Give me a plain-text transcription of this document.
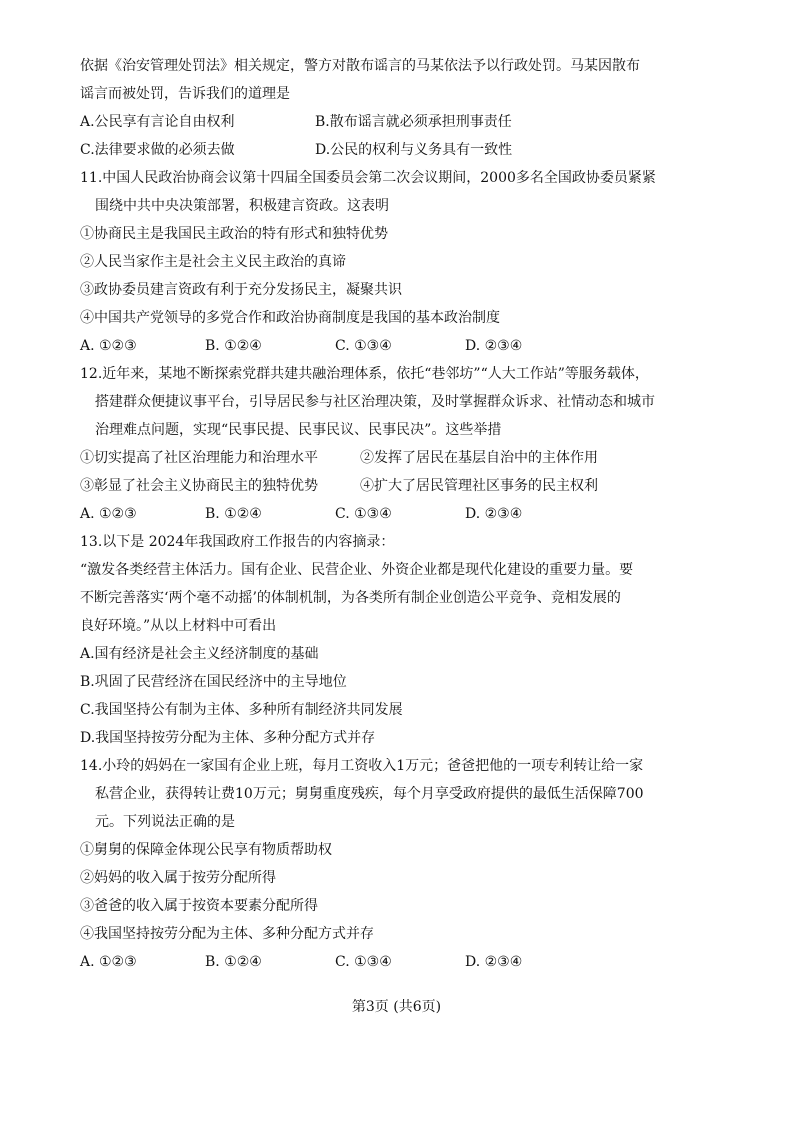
依据《治安管理处罚法》相关规定，警方对散布谣言的马某依法予以行政处罚。马某因散布
谣言而被处罚，告诉我们的道理是
A.公民享有言论自由权利	B.散布谣言就必须承担刑事责任
C.法律要求做的必须去做	D.公民的权利与义务具有一致性
11.中国人民政治协商会议第十四届全国委员会第二次会议期间，2000多名全国政协委员紧紧
围绕中共中央决策部署，积极建言资政。这表明
①协商民主是我国民主政治的特有形式和独特优势
②人民当家作主是社会主义民主政治的真谛
③政协委员建言资政有利于充分发扬民主，凝聚共识
④中国共产党领导的多党合作和政治协商制度是我国的基本政治制度
A. ①②③	B. ①②④	C. ①③④	D. ②③④
12.近年来，某地不断探索党群共建共融治理体系，依托“巷邻坊”“人大工作站”等服务载体，
搭建群众便捷议事平台，引导居民参与社区治理决策，及时掌握群众诉求、社情动态和城市
治理难点问题，实现“民事民提、民事民议、民事民决”。这些举措
①切实提高了社区治理能力和治理水平	②发挥了居民在基层自治中的主体作用
③彰显了社会主义协商民主的独特优势	④扩大了居民管理社区事务的民主权利
A. ①②③	B. ①②④	C. ①③④	D. ②③④
13.以下是 2024年我国政府工作报告的内容摘录：
“激发各类经营主体活力。国有企业、民营企业、外资企业都是现代化建设的重要力量。要
不断完善落实‘两个毫不动摇’的体制机制，为各类所有制企业创造公平竞争、竞相发展的
良好环境。”从以上材料中可看出
A.国有经济是社会主义经济制度的基础
B.巩固了民营经济在国民经济中的主导地位
C.我国坚持公有制为主体、多种所有制经济共同发展
D.我国坚持按劳分配为主体、多种分配方式并存
14.小玲的妈妈在一家国有企业上班，每月工资收入1万元；爸爸把他的一项专利转让给一家
私营企业，获得转让费10万元；舅舅重度残疾，每个月享受政府提供的最低生活保障700
元。下列说法正确的是
①舅舅的保障金体现公民享有物质帮助权
②妈妈的收入属于按劳分配所得
③爸爸的收入属于按资本要素分配所得
④我国坚持按劳分配为主体、多种分配方式并存
A. ①②③	B. ①②④	C. ①③④	D. ②③④
第3页 (共6页)
